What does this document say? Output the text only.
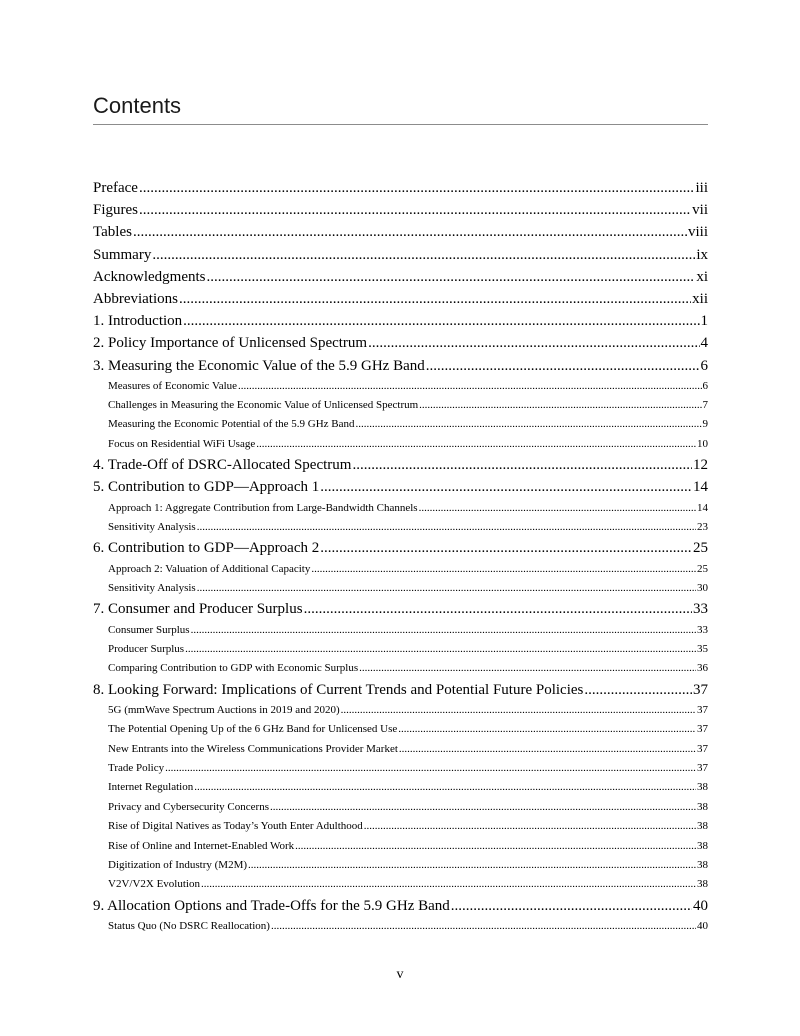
Contents
Preface .....	iii
Figures .....	vii
Tables .....	viii
Summary .....	ix
Acknowledgments .....	xi
Abbreviations .....	xii
1. Introduction .....	1
2. Policy Importance of Unlicensed Spectrum .....	4
3. Measuring the Economic Value of the 5.9 GHz Band .....	6
Measures of Economic Value .....	6
Challenges in Measuring the Economic Value of Unlicensed Spectrum .....	7
Measuring the Economic Potential of the 5.9 GHz Band .....	9
Focus on Residential WiFi Usage .....	10
4. Trade-Off of DSRC-Allocated Spectrum .....	12
5. Contribution to GDP—Approach 1 .....	14
Approach 1: Aggregate Contribution from Large-Bandwidth Channels .....	14
Sensitivity Analysis .....	23
6. Contribution to GDP—Approach 2 .....	25
Approach 2: Valuation of Additional Capacity .....	25
Sensitivity Analysis .....	30
7. Consumer and Producer Surplus .....	33
Consumer Surplus .....	33
Producer Surplus .....	35
Comparing Contribution to GDP with Economic Surplus .....	36
8. Looking Forward: Implications of Current Trends and Potential Future Policies .....	37
5G (mmWave Spectrum Auctions in 2019 and 2020) .....	37
The Potential Opening Up of the 6 GHz Band for Unlicensed Use .....	37
New Entrants into the Wireless Communications Provider Market .....	37
Trade Policy .....	37
Internet Regulation .....	38
Privacy and Cybersecurity Concerns .....	38
Rise of Digital Natives as Today’s Youth Enter Adulthood .....	38
Rise of Online and Internet-Enabled Work .....	38
Digitization of Industry (M2M) .....	38
V2V/V2X Evolution .....	38
9. Allocation Options and Trade-Offs for the 5.9 GHz Band .....	40
Status Quo (No DSRC Reallocation) .....	40
v
